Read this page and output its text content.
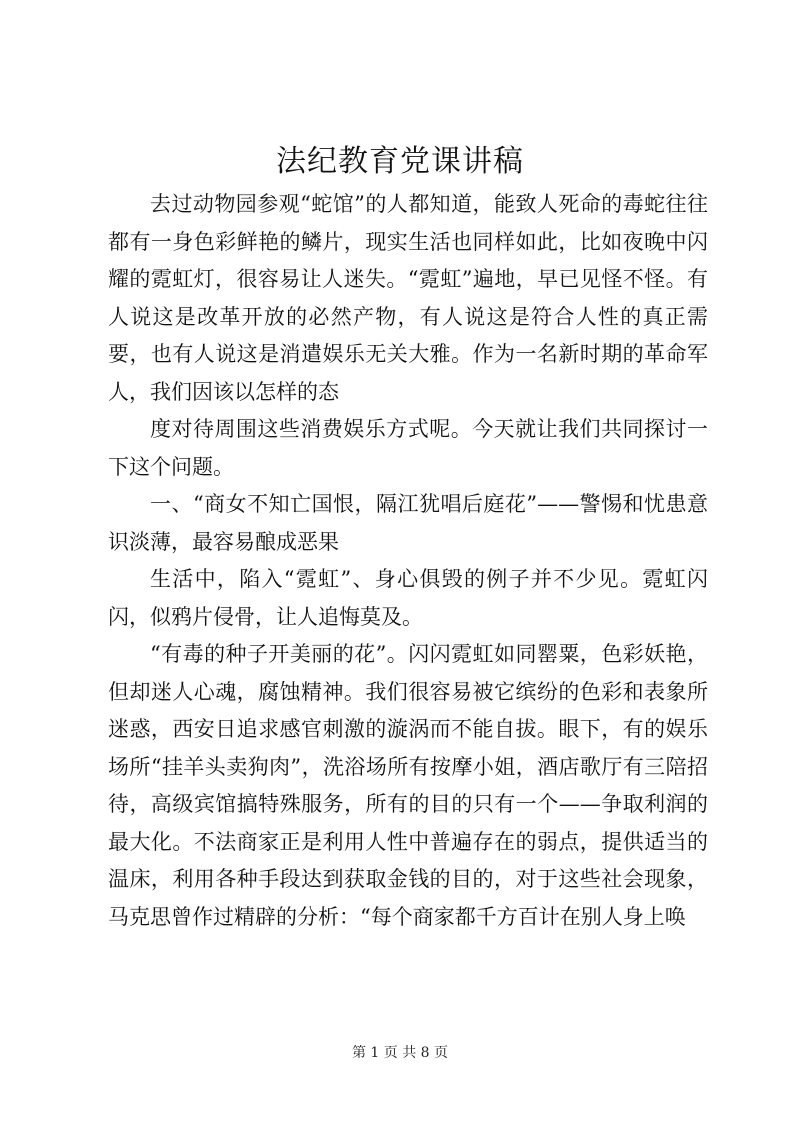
法纪教育党课讲稿

去过动物园参观“蛇馆”的人都知道，能致人死命的毒蛇往往都有一身色彩鲜艳的鳞片，现实生活也同样如此，比如夜晚中闪耀的霓虹灯，很容易让人迷失。“霓虹”遍地，早已见怪不怪。有人说这是改革开放的必然产物，有人说这是符合人性的真正需要，也有人说这是消遣娱乐无关大雅。作为一名新时期的革命军人，我们因该以怎样的态

度对待周围这些消费娱乐方式呢。今天就让我们共同探讨一下这个问题。

一、“商女不知亡国恨，隔江犹唱后庭花”——警惕和忧患意识淡薄，最容易酿成恶果

生活中，陷入“霓虹”、身心俱毁的例子并不少见。霓虹闪闪，似鸦片侵骨，让人追悔莫及。

“有毒的种子开美丽的花”。闪闪霓虹如同罂粟，色彩妖艳，但却迷人心魂，腐蚀精神。我们很容易被它缤纷的色彩和表象所迷惑，西安日追求感官刺激的漩涡而不能自拔。眼下，有的娱乐场所“挂羊头卖狗肉”，洗浴场所有按摩小姐，酒店歌厅有三陪招待，高级宾馆搞特殊服务，所有的目的只有一个——争取利润的最大化。不法商家正是利用人性中普遍存在的弱点，提供适当的温床，利用各种手段达到获取金钱的目的，对于这些社会现象，马克思曾作过精辟的分析：“每个商家都千方百计在别人身上唤

第 1 页 共 8 页
